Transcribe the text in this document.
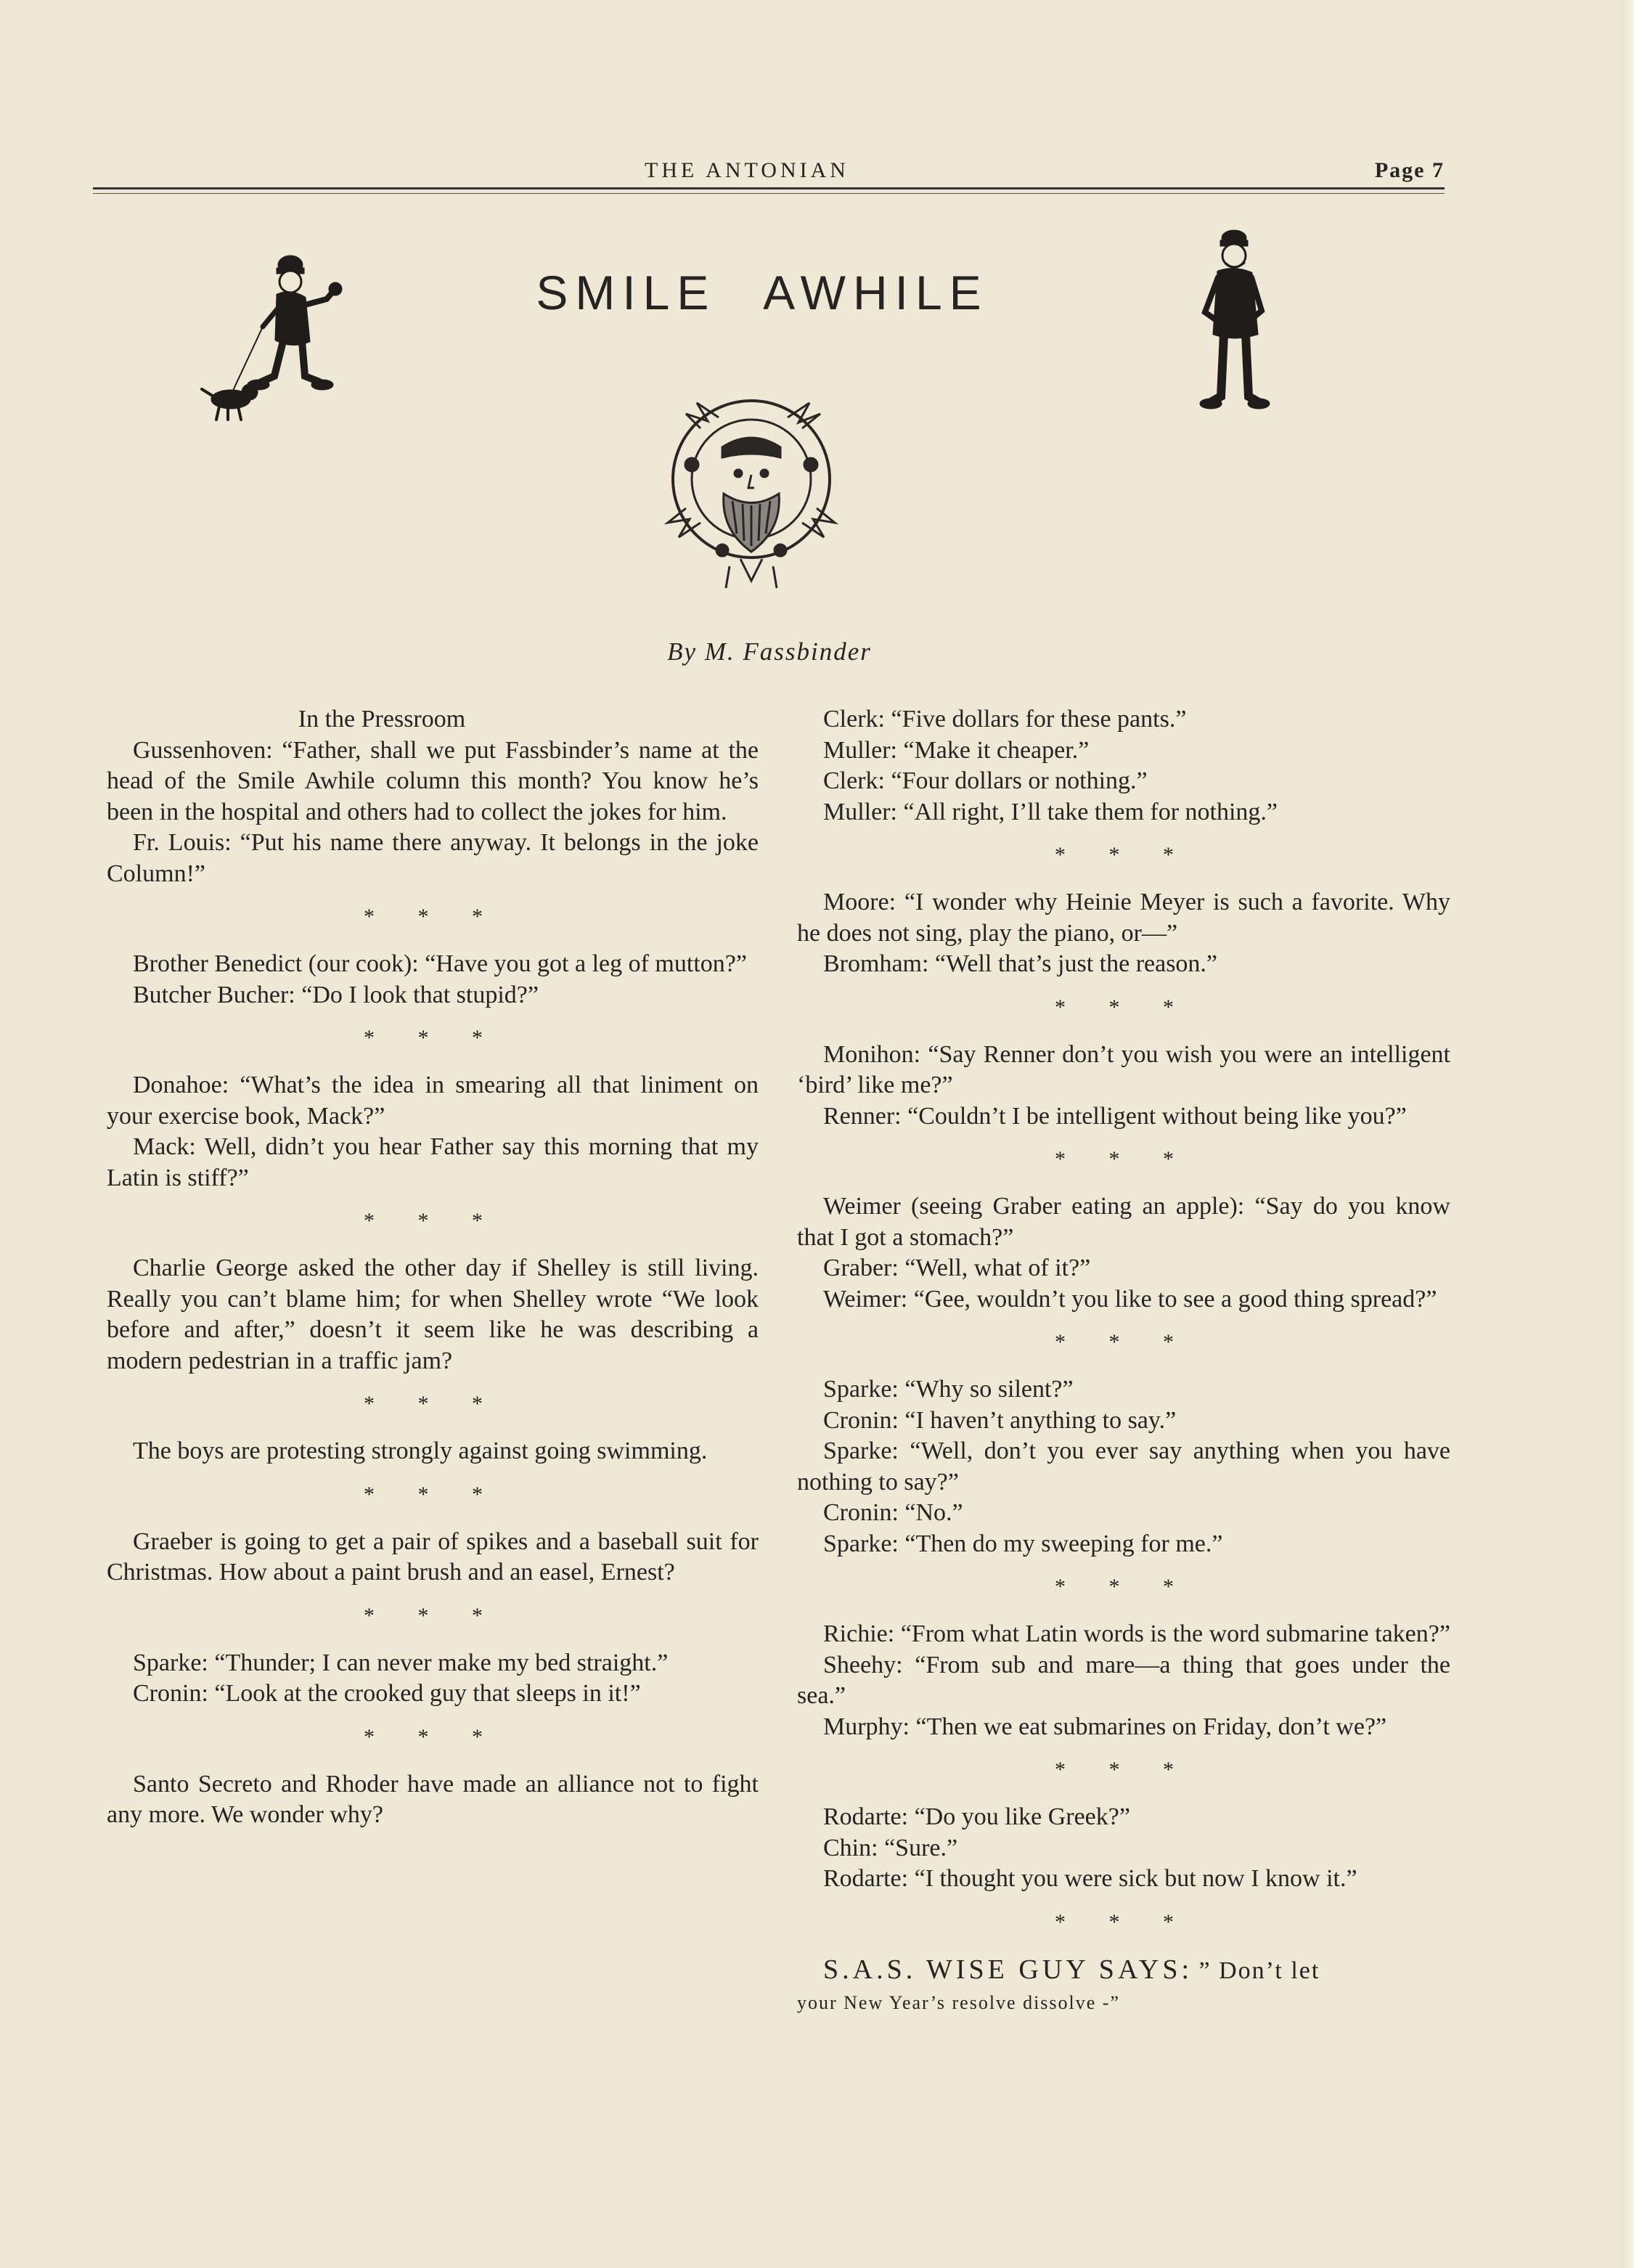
THE ANTONIAN	Page 7
SMILE AWHILE
By M. Fassbinder

In the Pressroom

Gussenhoven: “Father, shall we put Fassbinder’s name at the head of the Smile Awhile column this month? You know he’s been in the hospital and others had to collect the jokes for him.

Fr. Louis: “Put his name there anyway. It belongs in the joke Column!”

* * *

Brother Benedict (our cook): “Have you got a leg of mutton?”

Butcher Bucher: “Do I look that stupid?”

* * *

Donahoe: “What’s the idea in smearing all that liniment on your exercise book, Mack?”

Mack: Well, didn’t you hear Father say this morning that my Latin is stiff?”

* * *

Charlie George asked the other day if Shelley is still living. Really you can’t blame him; for when Shelley wrote “We look before and after,” doesn’t it seem like he was describing a modern pedestrian in a traffic jam?

* * *

The boys are protesting strongly against going swimming.

* * *

Graeber is going to get a pair of spikes and a baseball suit for Christmas. How about a paint brush and an easel, Ernest?

* * *

Sparke: “Thunder; I can never make my bed straight.”

Cronin: “Look at the crooked guy that sleeps in it!”

* * *

Santo Secreto and Rhoder have made an alliance not to fight any more. We wonder why?

Clerk: “Five dollars for these pants.”

Muller: “Make it cheaper.”

Clerk: “Four dollars or nothing.”

Muller: “All right, I’ll take them for nothing.”

* * *

Moore: “I wonder why Heinie Meyer is such a favorite. Why he does not sing, play the piano, or—”

Bromham: “Well that’s just the reason.”

* * *

Monihon: “Say Renner don’t you wish you were an intelligent ‘bird’ like me?”

Renner: “Couldn’t I be intelligent without being like you?”

* * *

Weimer (seeing Graber eating an apple): “Say do you know that I got a stomach?”

Graber: “Well, what of it?”

Weimer: “Gee, wouldn’t you like to see a good thing spread?”

* * *

Sparke: “Why so silent?”

Cronin: “I haven’t anything to say.”

Sparke: “Well, don’t you ever say anything when you have nothing to say?”

Cronin: “No.”

Sparke: “Then do my sweeping for me.”

* * *

Richie: “From what Latin words is the word submarine taken?”

Sheehy: “From sub and mare—a thing that goes under the sea.”

Murphy: “Then we eat submarines on Friday, don’t we?”

* * *

Rodarte: “Do you like Greek?”

Chin: “Sure.”

Rodarte: “I thought you were sick but now I know it.”

* * *

S.A.S. WISE GUY SAYS: ” Don’t let
your New Year’s resolve dissolve -”
